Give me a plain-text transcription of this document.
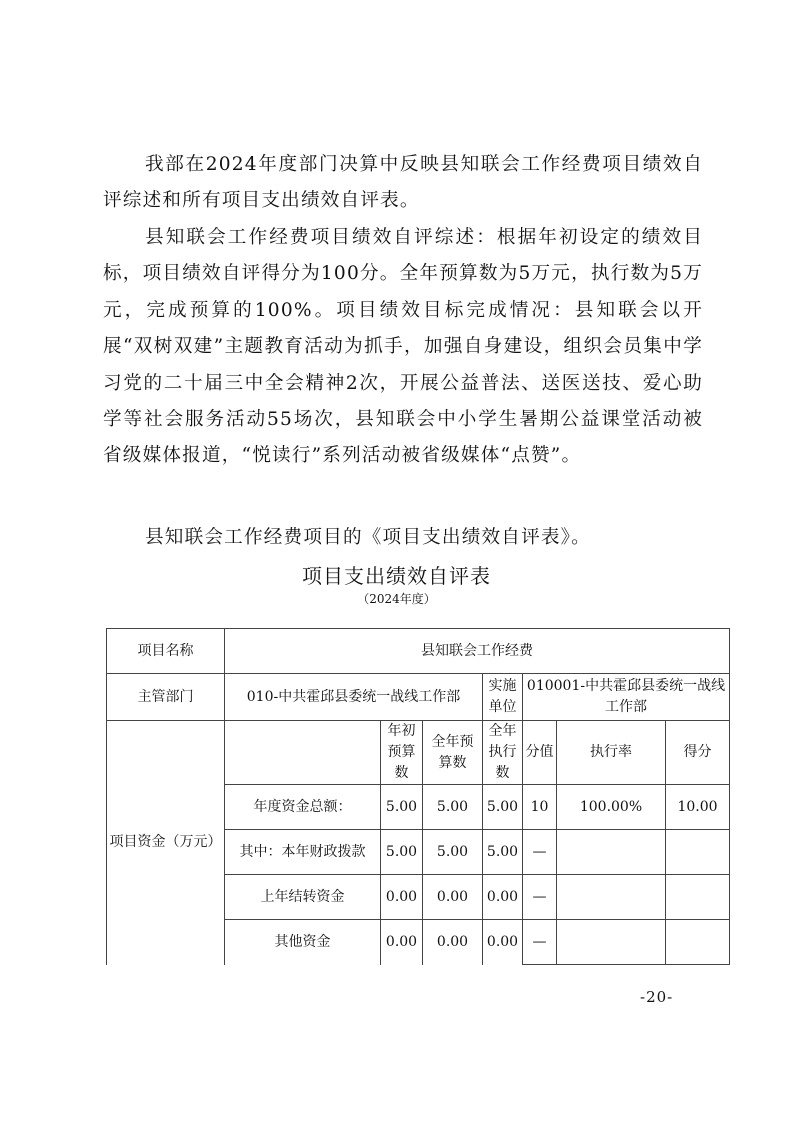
我部在2024年度部门决算中反映县知联会工作经费项目绩效自评综述和所有项目支出绩效自评表。

县知联会工作经费项目绩效自评综述：根据年初设定的绩效目标，项目绩效自评得分为100分。全年预算数为5万元，执行数为5万元，完成预算的100%。项目绩效目标完成情况：县知联会以开展“双树双建”主题教育活动为抓手，加强自身建设，组织会员集中学习党的二十届三中全会精神2次，开展公益普法、送医送技、爱心助学等社会服务活动55场次，县知联会中小学生暑期公益课堂活动被省级媒体报道，“悦读行”系列活动被省级媒体“点赞”。

县知联会工作经费项目的《项目支出绩效自评表》。

项目支出绩效自评表
（2024年度）
项目名称	县知联会工作经费						
主管部门	010-中共霍邱县委统一战线工作部			实施单位	010001-中共霍邱县委统一战线工作部		
项目资金（万元）		年初预算数	全年预算数	全年执行数	分值	执行率	得分
	年度资金总额：	5.00	5.00	5.00	10	100.00%	10.00
	其中：本年财政拨款	5.00	5.00	5.00	—		
	上年结转资金	0.00	0.00	0.00	—		
	其他资金	0.00	0.00	0.00	—		
-20-
